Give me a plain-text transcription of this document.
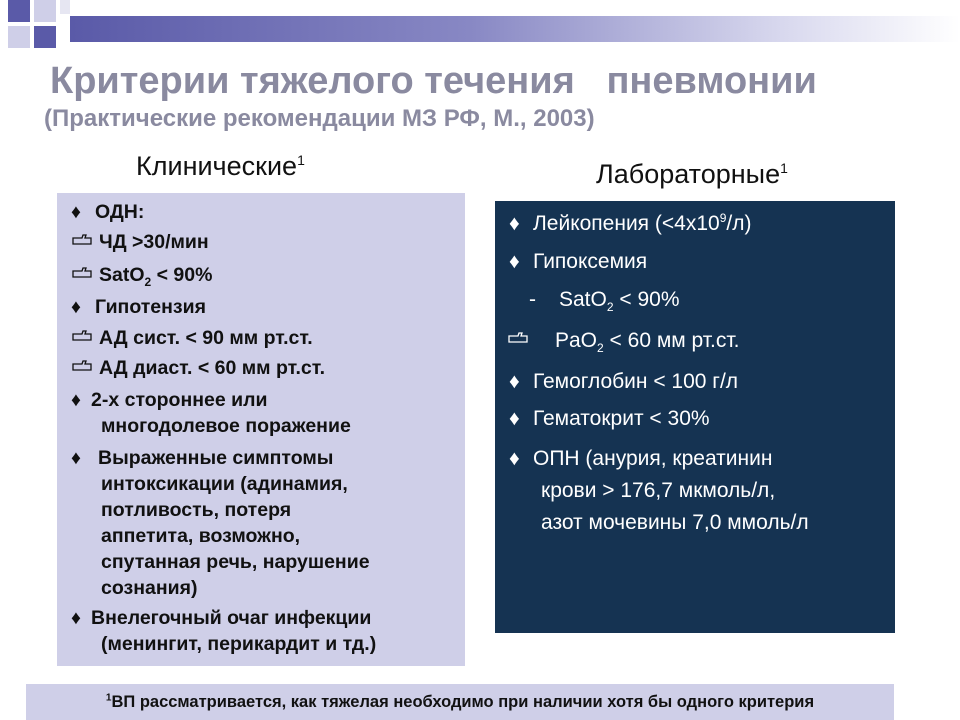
Критерии тяжелого течения   пневмонии
(Практические рекомендации МЗ РФ, М., 2003)
Клинические$^1$	Лабораторные$^1$
♦ ОДН:
ЧД >30/мин
SatO$_2$ < 90%
♦ Гипотензия
АД сист. < 90 мм рт.ст.
АД диаст. < 60 мм рт.ст.
♦ 2-х стороннее или
многодолевое поражение
♦ Выраженные симптомы
интоксикации (адинамия,
потливость, потеря
аппетита, возможно,
спутанная речь, нарушение
сознания)
♦ Внелегочный очаг инфекции
(менингит, перикардит и тд.)
♦ Лейкопения $(<4x10^9/л)$
♦ Гипоксемия
- SatO$_2$ < 90%
PaO$_2$ < 60 мм рт.ст.
♦ Гемоглобин < 100 г/л
♦ Гематокрит < 30%
♦ ОПН (анурия, креатинин
крови > 176,7 мкмоль/л,
азот мочевины 7,0 ммоль/л
$^1$ВП рассматривается, как тяжелая необходимо при наличии хотя бы одного критерия
